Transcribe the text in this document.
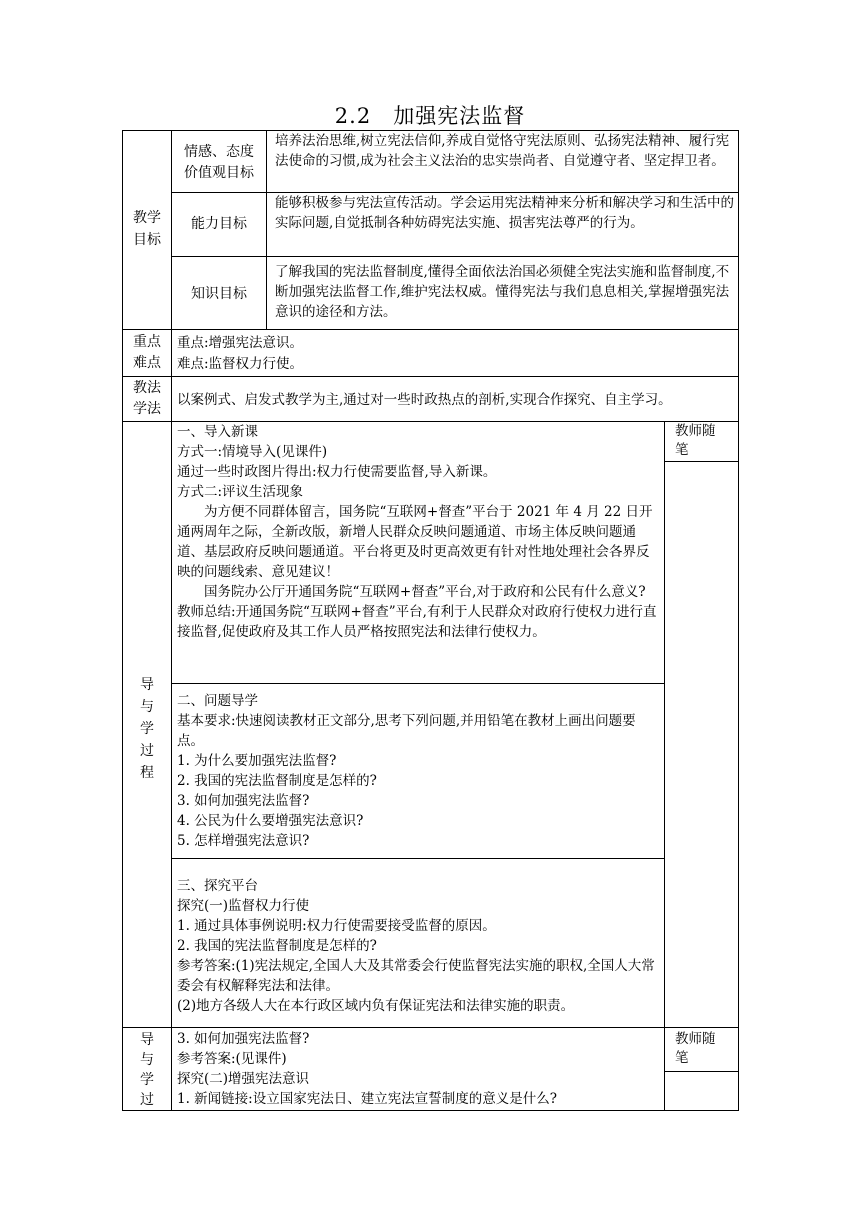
2.2　加强宪法监督
教学
目标
情感、态度
价值观目标

培养法治思维,树立宪法信仰,养成自觉恪守宪法原则、弘扬宪法精神、履行宪法使命的习惯,成为社会主义法治的忠实崇尚者、自觉遵守者、坚定捍卫者。

能力目标

能够积极参与宪法宣传活动。学会运用宪法精神来分析和解决学习和生活中的实际问题,自觉抵制各种妨碍宪法实施、损害宪法尊严的行为。

知识目标

了解我国的宪法监督制度,懂得全面依法治国必须健全宪法实施和监督制度,不断加强宪法监督工作,维护宪法权威。懂得宪法与我们息息相关,掌握增强宪法意识的途径和方法。

重点
难点
重点:增强宪法意识。
难点:监督权力行使。
教法
学法
以案例式、启发式教学为主,通过对一些时政热点的剖析,实现合作探究、自主学习。
导
与
学
过
程
教师随
笔
一、导入新课
方式一:情境导入(见课件)
通过一些时政图片得出:权力行使需要监督,导入新课。
方式二:评议生活现象

为方便不同群体留言，国务院“互联网+督查”平台于 2021 年 4 月 22 日开通两周年之际，全新改版，新增人民群众反映问题通道、市场主体反映问题通道、基层政府反映问题通道。平台将更及时更高效更有针对性地处理社会各界反映的问题线索、意见建议！

国务院办公厅开通国务院“互联网+督查”平台,对于政府和公民有什么意义?

教师总结:开通国务院“互联网+督查”平台,有利于人民群众对政府行使权力进行直接监督,促使政府及其工作人员严格按照宪法和法律行使权力。

二、问题导学

基本要求:快速阅读教材正文部分,思考下列问题,并用铅笔在教材上画出问题要点。

1. 为什么要加强宪法监督?
2. 我国的宪法监督制度是怎样的?
3. 如何加强宪法监督?
4. 公民为什么要增强宪法意识?
5. 怎样增强宪法意识?
三、探究平台
探究(一)监督权力行使
1. 通过具体事例说明:权力行使需要接受监督的原因。
2. 我国的宪法监督制度是怎样的?

参考答案:(1)宪法规定,全国人大及其常委会行使监督宪法实施的职权,全国人大常委会有权解释宪法和法律。

(2)地方各级人大在本行政区域内负有保证宪法和法律实施的职责。
导
与
学
过
教师随
笔
3. 如何加强宪法监督?
参考答案:(见课件)
探究(二)增强宪法意识
1. 新闻链接:设立国家宪法日、建立宪法宣誓制度的意义是什么?
